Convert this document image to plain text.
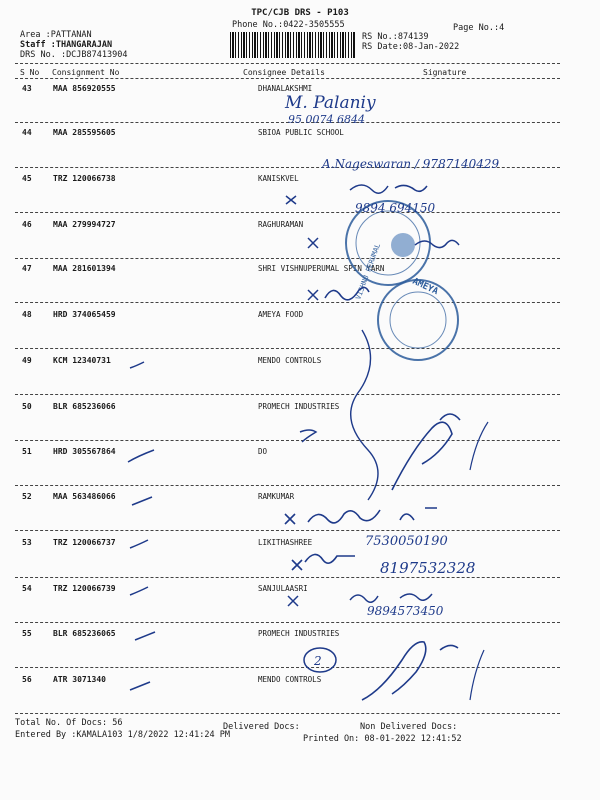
TPC/CJB DRS - P103
Phone No.:0422-3505555	Page No.:4
Area :PATTANAN
Staff :THANGARAJAN
DRS No. :DCJB87413904
RS No.:874139
RS Date:08-Jan-2022
S No Consignment No	Consignee Details	Signature
43	MAA 856920555	DHANALAKSHMI
44	MAA 285595605	SBIOA PUBLIC SCHOOL
45	TRZ 120066738	KANISKVEL
46	MAA 279994727	RAGHURAMAN
47	MAA 281601394	SHRI VISHNUPERUMAL SPIN YARN
48	HRD 374065459	AMEYA FOOD
49	KCM 12340731	MENDO CONTROLS
50	BLR 685236066	PROMECH INDUSTRIES
51	HRD 305567864	DO
52	MAA 563486066	RAMKUMAR
53	TRZ 120066737	LIKITHASHREE
54	TRZ 120066739	SANJULAASRI
55	BLR 685236065	PROMECH INDUSTRIES
56	ATR 3071340	MENDO CONTROLS
Total No. Of Docs: 56	Delivered Docs:	Non Delivered Docs:
Entered By :KAMALA103 1/8/2022 12:41:24 PM	Printed On: 08-01-2022 12:41:52
VISHNU PERUMAL	AMEYA
M. Palaniy
95 0074 6844
A.Nageswaran / 9787140429
9894 694150
7530050190
8197532328
9894573450
2
